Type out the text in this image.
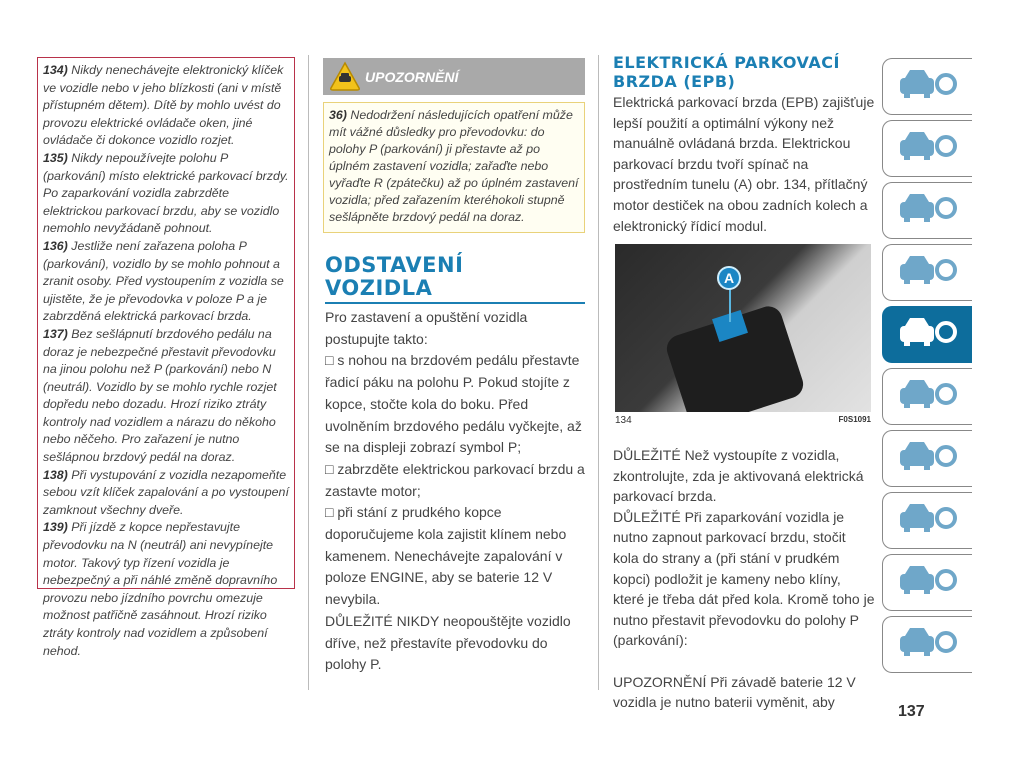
134) Nikdy nenechávejte elektronický klíček ve vozidle nebo v jeho blízkosti (ani v místě přístupném dětem). Dítě by mohlo uvést do provozu elektrické ovládače oken, jiné ovládače či dokonce vozidlo rozjet.

135) Nikdy nepoužívejte polohu P (parkování) místo elektrické parkovací brzdy. Po zaparkování vozidla zabrzděte elektrickou parkovací brzdu, aby se vozidlo nemohlo nevyžádaně pohnout.

136) Jestliže není zařazena poloha P (parkování), vozidlo by se mohlo pohnout a zranit osoby. Před vystoupením z vozidla se ujistěte, že je převodovka v poloze P a je zabrzděná elektrická parkovací brzda.

137) Bez sešlápnutí brzdového pedálu na doraz je nebezpečné přestavit převodovku na jinou polohu než P (parkování) nebo N (neutrál). Vozidlo by se mohlo rychle rozjet dopředu nebo dozadu. Hrozí riziko ztráty kontroly nad vozidlem a nárazu do někoho nebo něčeho. Pro zařazení je nutno sešlápnou brzdový pedál na doraz.

138) Při vystupování z vozidla nezapomeňte sebou vzít klíček zapalování a po vystoupení zamknout všechny dveře.

139) Při jízdě z kopce nepřestavujte převodovku na N (neutrál) ani nevypínejte motor. Takový typ řízení vozidla je nebezpečný a při náhlé změně dopravního provozu nebo jízdního povrchu omezuje možnost patřičně zasáhnout. Hrozí riziko ztráty kontroly nad vozidlem a způsobení nehod.

UPOZORNĚNÍ
36) Nedodržení následujících opatření může mít vážné důsledky pro převodovku: do polohy P (parkování) ji přestavte až po úplném zastavení vozidla; zařaďte nebo vyřaďte R (zpátečku) až po úplném zastavení vozidla; před zařazením kteréhokoli stupně sešlápněte brzdový pedál na doraz.
ODSTAVENÍ
VOZIDLA
Pro zastavení a opuštění vozidla postupujte takto:
□ s nohou na brzdovém pedálu přestavte řadicí páku na polohu P. Pokud stojíte z kopce, stočte kola do boku. Před uvolněním brzdového pedálu vyčkejte, až se na displeji zobrazí symbol P;
□ zabrzděte elektrickou parkovací brzdu a zastavte motor;
□ při stání z prudkého kopce doporučujeme kola zajistit klínem nebo kamenem. Nenechávejte zapalování v poloze ENGINE, aby se baterie 12 V nevybila.
DŮLEŽITÉ NIKDY neopouštějte vozidlo dříve, než přestavíte převodovku do polohy P.
ELEKTRICKÁ PARKOVACÍ
BRZDA (EPB)
Elektrická parkovací brzda (EPB) zajišťuje lepší použití a optimální výkony než manuálně ovládaná brzda. Elektrickou parkovací brzdu tvoří spínač na prostředním tunelu (A) obr. 134, přítlačný motor destiček na obou zadních kolech a elektronický řídicí modul.
A
134	F0S1091
DŮLEŽITÉ Než vystoupíte z vozidla, zkontrolujte, zda je aktivovaná elektrická parkovací brzda.
DŮLEŽITÉ Při zaparkování vozidla je nutno zapnout parkovací brzdu, stočit kola do strany a (při stání v prudkém kopci) podložit je kameny nebo klíny, které je třeba dát před kola. Kromě toho je nutno přestavit převodovku do polohy P (parkování):
UPOZORNĚNÍ Při závadě baterie 12 V vozidla je nutno baterii vyměnit, aby
137
